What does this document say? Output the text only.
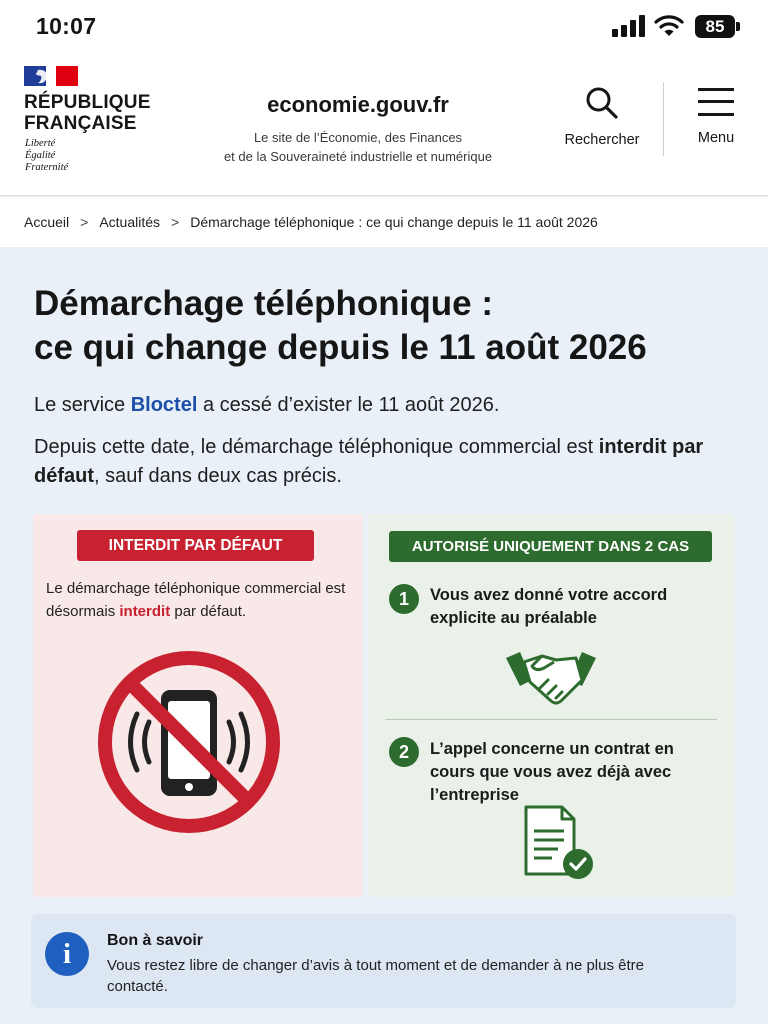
10:07	85
RÉPUBLIQUE
FRANÇAISE
Liberté
Égalité
Fraternité
economie.gouv.fr
Le site de l’Économie, des Finances
et de la Souveraineté industrielle et numérique
Rechercher	Menu
Accueil > Actualités > Démarchage téléphonique : ce qui change depuis le 11 août 2026
Démarchage téléphonique :
ce qui change depuis le 11 août 2026

Le service Bloctel a cessé d’exister le 11 août 2026.

Depuis cette date, le démarchage téléphonique commercial est interdit par défaut, sauf dans deux cas précis.

INTERDIT PAR DÉFAUT

Le démarchage téléphonique commercial est désormais interdit par défaut.

AUTORISÉ UNIQUEMENT DANS 2 CAS
1	Vous avez donné votre accord explicite au préalable
2	L’appel concerne un contrat en cours que vous avez déjà avec l’entreprise
i	Bon à savoir
Vous restez libre de changer d’avis à tout moment et de demander à ne plus être contacté.
